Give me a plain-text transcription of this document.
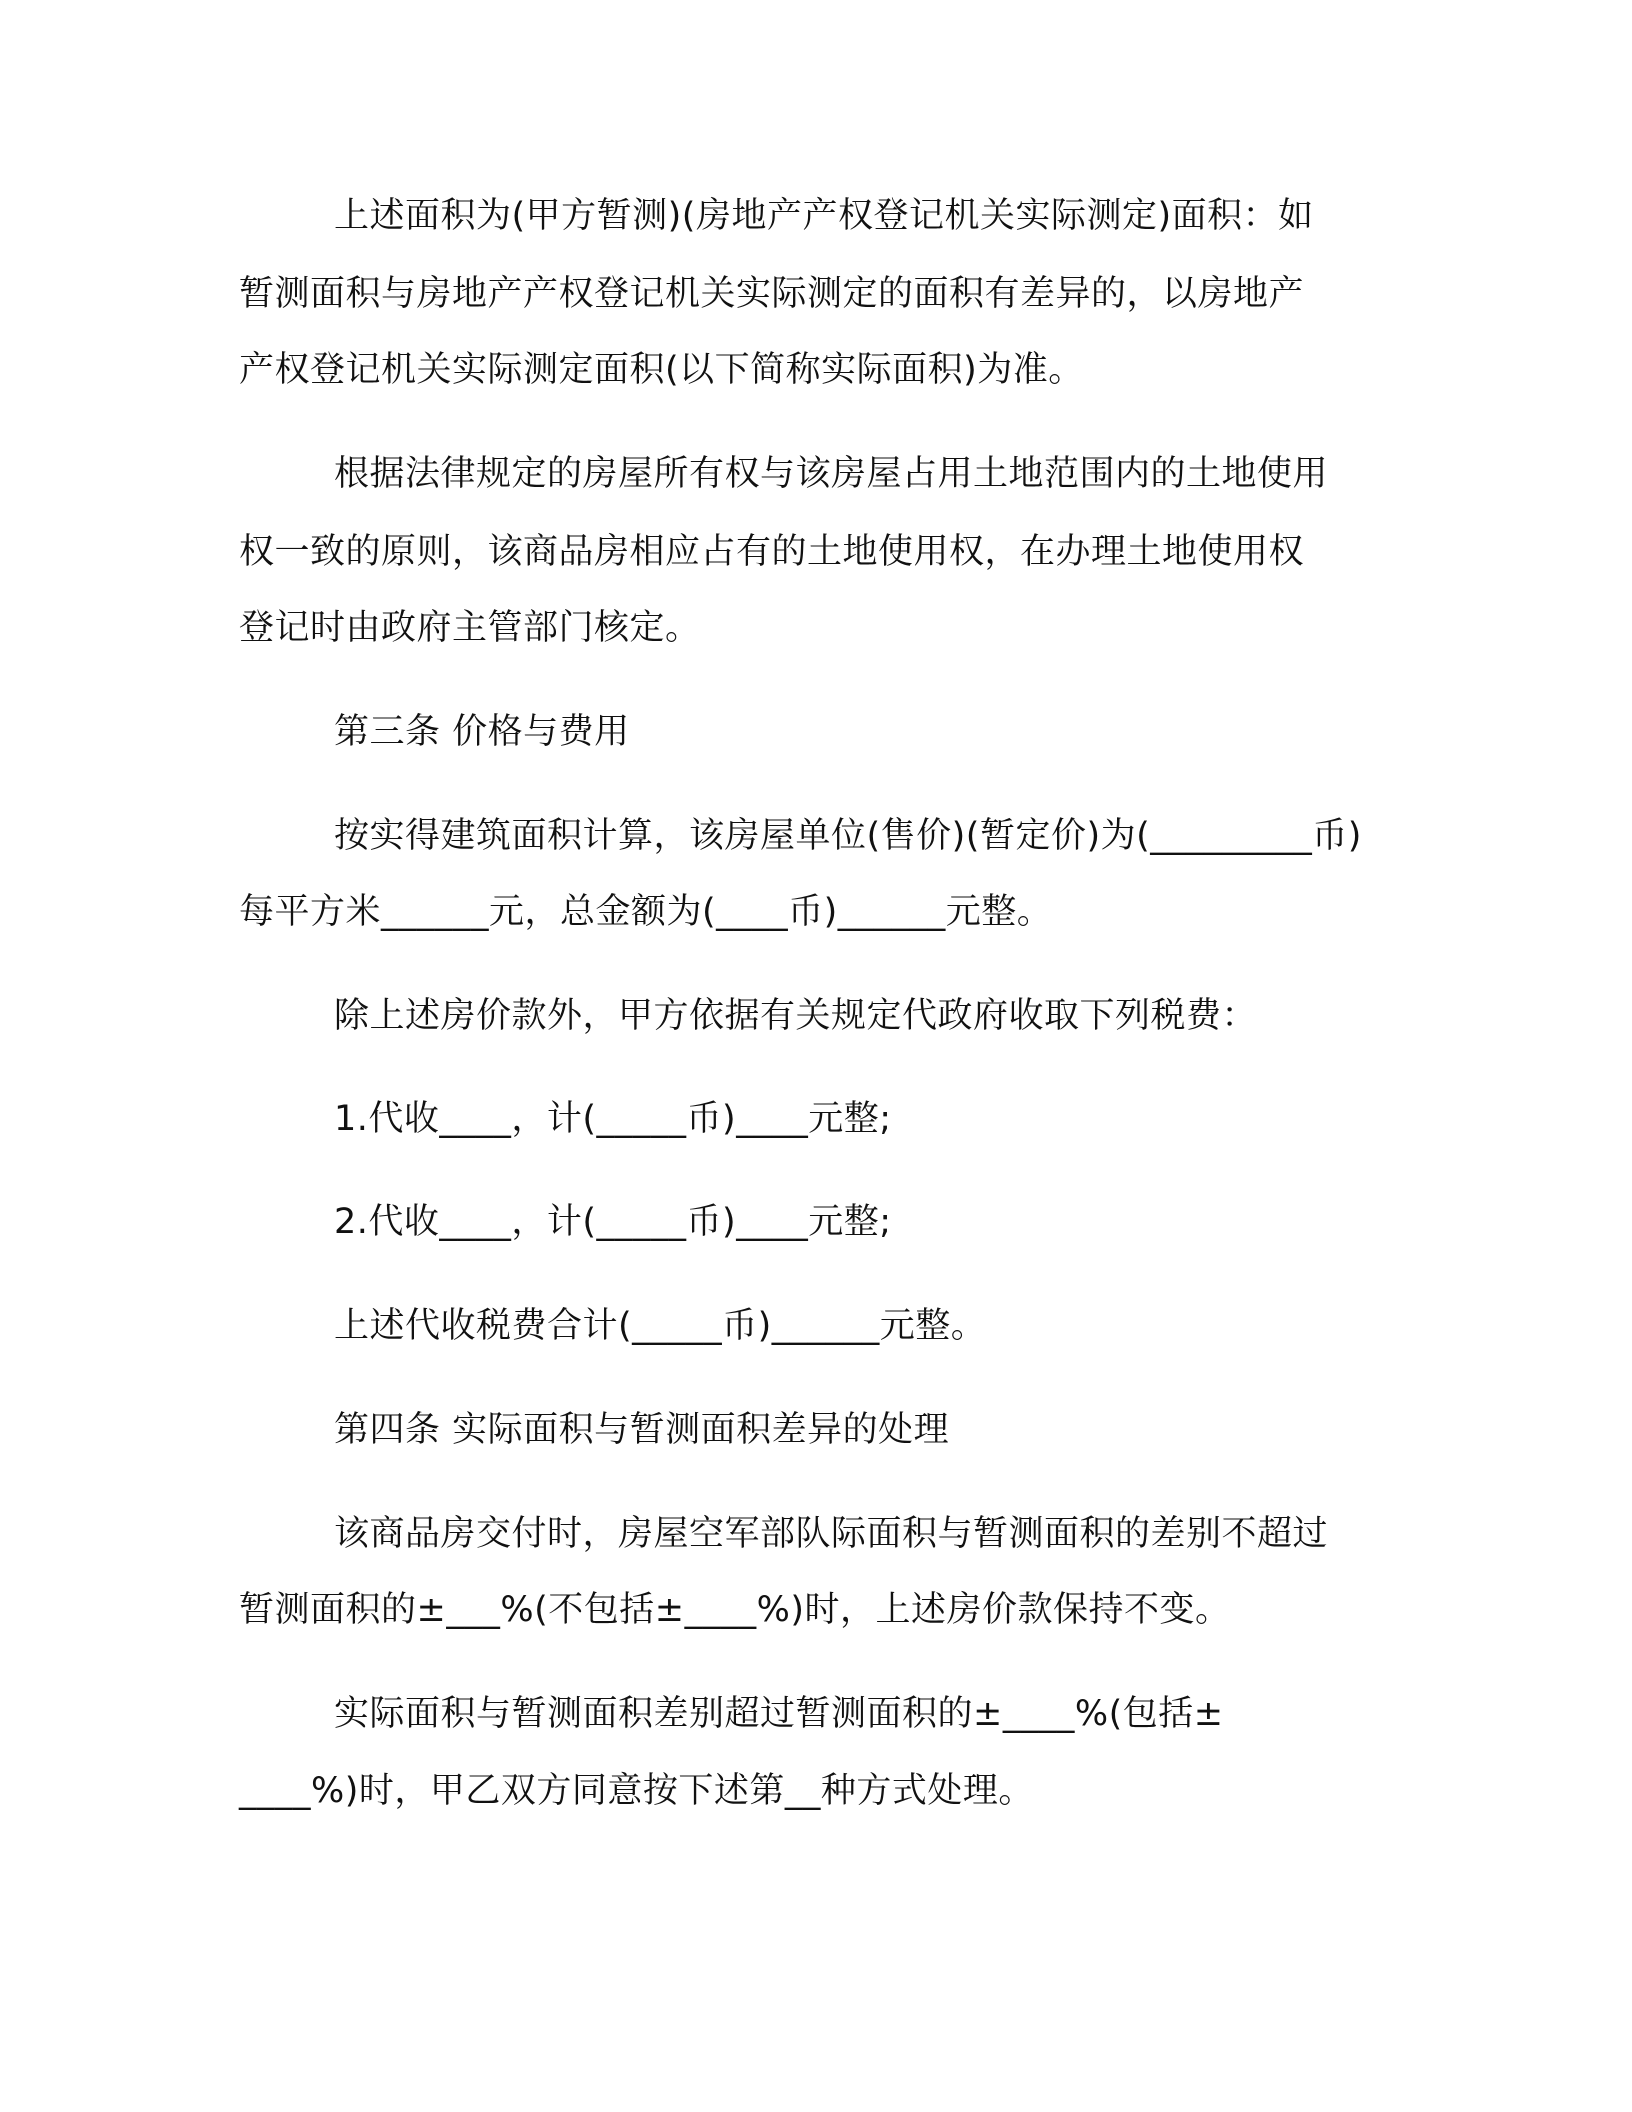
上述面积为(甲方暂测)(房地产产权登记机关实际测定)面积：如
暂测面积与房地产产权登记机关实际测定的面积有差异的，以房地产
产权登记机关实际测定面积(以下简称实际面积)为准。
根据法律规定的房屋所有权与该房屋占用土地范围内的土地使用
权一致的原则，该商品房相应占有的土地使用权，在办理土地使用权
登记时由政府主管部门核定。
第三条 价格与费用
按实得建筑面积计算，该房屋单位(售价)(暂定价)为(_________币)
每平方米______元，总金额为(____币)______元整。
除上述房价款外，甲方依据有关规定代政府收取下列税费：
1.代收____，计(_____币)____元整;
2.代收____，计(_____币)____元整;
上述代收税费合计(_____币)______元整。
第四条 实际面积与暂测面积差异的处理
该商品房交付时，房屋空军部队际面积与暂测面积的差别不超过
暂测面积的±___%(不包括±____%)时，上述房价款保持不变。
实际面积与暂测面积差别超过暂测面积的±____%(包括±
____%)时，甲乙双方同意按下述第__种方式处理。
